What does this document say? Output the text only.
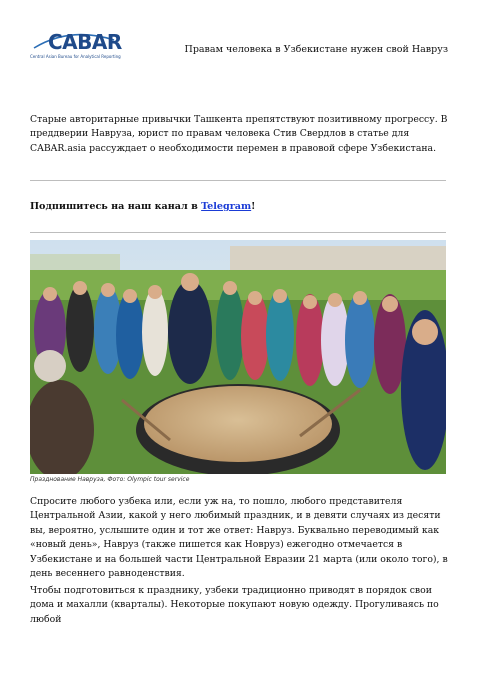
CABAR
Central Asian Bureau for Analytical Reporting
Правам человека в Узбекистане нужен свой Навруз
Старые авторитарные привычки Ташкента препятствуют позитивному прогрессу. В преддверии Навруза, юрист по правам человека Стив Свердлов в статье для CABAR.asia рассуждает о необходимости перемен в правовой сфере Узбекистана.
Подпишитесь на наш канал в Telegram!
Празднование Навруза, Фото: Olympic tour service
Спросите любого узбека или, если уж на, то пошло, любого представителя Центральной Азии, какой у него любимый праздник, и в девяти случаях из десяти вы, вероятно, услышите один и тот же ответ: Навруз. Буквально переводимый как «новый день», Навруз (также пишется как Новруз) ежегодно отмечается в Узбекистане и на большей части Центральной Евразии 21 марта (или около того), в день весеннего равноденствия.
Чтобы подготовиться к празднику, узбеки традиционно приводят в порядок свои дома и махалли (кварталы). Некоторые покупают новую одежду. Прогуливаясь по любой
